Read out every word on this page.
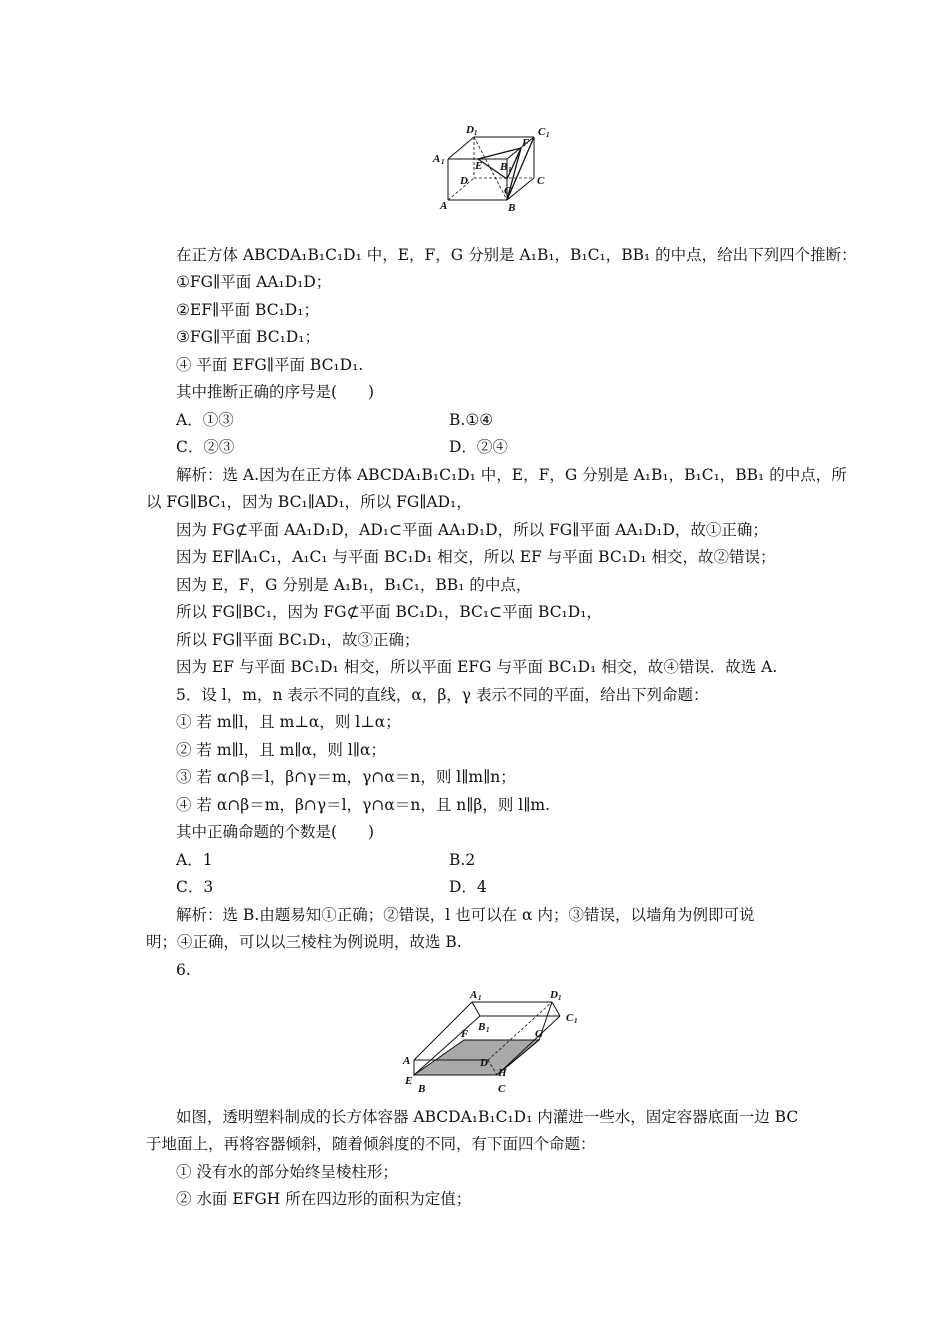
D 1	C 1
A 1
F
E B 1
G
D	C
A	B
在正方体 ABCDA₁B₁C₁D₁ 中，E，F，G 分别是 A₁B₁，B₁C₁，BB₁ 的中点，给出下列四个推断：
①FG∥平面 AA₁D₁D；
②EF∥平面 BC₁D₁；
③FG∥平面 BC₁D₁；
④ 平面 EFG∥平面 BC₁D₁.
其中推断正确的序号是(　　)
A．①③	B.①④
C．②③	D．②④
解析：选 A.因为在正方体 ABCDA₁B₁C₁D₁ 中，E，F，G 分别是 A₁B₁，B₁C₁，BB₁ 的中点，所
以 FG∥BC₁，因为 BC₁∥AD₁，所以 FG∥AD₁，
因为 FG⊄平面 AA₁D₁D，AD₁⊂平面 AA₁D₁D，所以 FG∥平面 AA₁D₁D，故①正确；
因为 EF∥A₁C₁，A₁C₁ 与平面 BC₁D₁ 相交，所以 EF 与平面 BC₁D₁ 相交，故②错误；
因为 E，F，G 分别是 A₁B₁，B₁C₁，BB₁ 的中点，
所以 FG∥BC₁，因为 FG⊄平面 BC₁D₁，BC₁⊂平面 BC₁D₁，
所以 FG∥平面 BC₁D₁，故③正确；
因为 EF 与平面 BC₁D₁ 相交，所以平面 EFG 与平面 BC₁D₁ 相交，故④错误．故选 A.
5．设 l，m，n 表示不同的直线，α，β，γ 表示不同的平面，给出下列命题：
① 若 m∥l，且 m⊥α，则 l⊥α；
② 若 m∥l，且 m∥α，则 l∥α；
③ 若 α∩β＝l，β∩γ＝m，γ∩α＝n，则 l∥m∥n；
④ 若 α∩β＝m，β∩γ＝l，γ∩α＝n，且 n∥β，则 l∥m.
其中正确命题的个数是(　　)
A．1	B.2
C．3	D．4
解析：选 B.由题易知①正确；②错误，l 也可以在 α 内；③错误，以墙角为例即可说
明；④正确，可以以三棱柱为例说明，故选 B.
6.
A 1	D 1
B 1
C 1
F	G
A	D
E
H
B	C
如图，透明塑料制成的长方体容器 ABCDA₁B₁C₁D₁ 内灌进一些水，固定容器底面一边 BC
于地面上，再将容器倾斜，随着倾斜度的不同，有下面四个命题：
① 没有水的部分始终呈棱柱形；
② 水面 EFGH 所在四边形的面积为定值；
